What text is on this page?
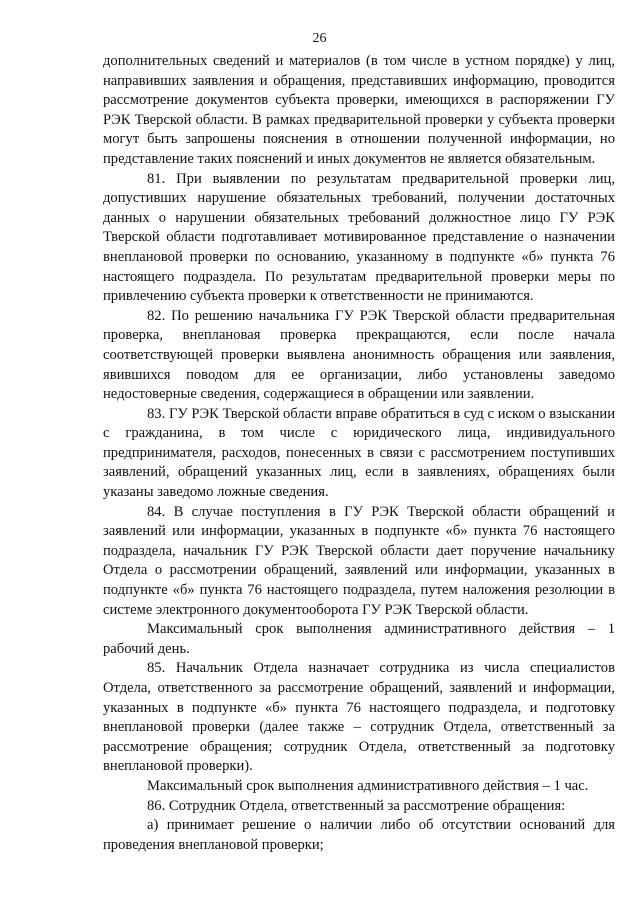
26

дополнительных сведений и материалов (в том числе в устном порядке) у лиц, направивших заявления и обращения, представивших информацию, проводится рассмотрение документов субъекта проверки, имеющихся в распоряжении ГУ РЭК Тверской области. В рамках предварительной проверки у субъекта проверки могут быть запрошены пояснения в отношении полученной информации, но представление таких пояснений и иных документов не является обязательным.

81. При выявлении по результатам предварительной проверки лиц, допустивших нарушение обязательных требований, получении достаточных данных о нарушении обязательных требований должностное лицо ГУ РЭК Тверской области подготавливает мотивированное представление о назначении внеплановой проверки по основанию, указанному в подпункте «б» пункта 76 настоящего подраздела. По результатам предварительной проверки меры по привлечению субъекта проверки к ответственности не принимаются.

82. По решению начальника ГУ РЭК Тверской области предварительная проверка, внеплановая проверка прекращаются, если после начала соответствующей проверки выявлена анонимность обращения или заявления, явившихся поводом для ее организации, либо установлены заведомо недостоверные сведения, содержащиеся в обращении или заявлении.

83. ГУ РЭК Тверской области вправе обратиться в суд с иском о взыскании с гражданина, в том числе с юридического лица, индивидуального предпринимателя, расходов, понесенных в связи с рассмотрением поступивших заявлений, обращений указанных лиц, если в заявлениях, обращениях были указаны заведомо ложные сведения.

84. В случае поступления в ГУ РЭК Тверской области обращений и заявлений или информации, указанных в подпункте «б» пункта 76 настоящего подраздела, начальник ГУ РЭК Тверской области дает поручение начальнику Отдела о рассмотрении обращений, заявлений или информации, указанных в подпункте «б» пункта 76 настоящего подраздела, путем наложения резолюции в системе электронного документооборота ГУ РЭК Тверской области.

Максимальный срок выполнения административного действия – 1 рабочий день.

85. Начальник Отдела назначает сотрудника из числа специалистов Отдела, ответственного за рассмотрение обращений, заявлений и информации, указанных в подпункте «б» пункта 76 настоящего подраздела, и подготовку внеплановой проверки (далее также – сотрудник Отдела, ответственный за рассмотрение обращения; сотрудник Отдела, ответственный за подготовку внеплановой проверки).

Максимальный срок выполнения административного действия – 1 час.

86. Сотрудник Отдела, ответственный за рассмотрение обращения:

а) принимает решение о наличии либо об отсутствии оснований для проведения внеплановой проверки;
